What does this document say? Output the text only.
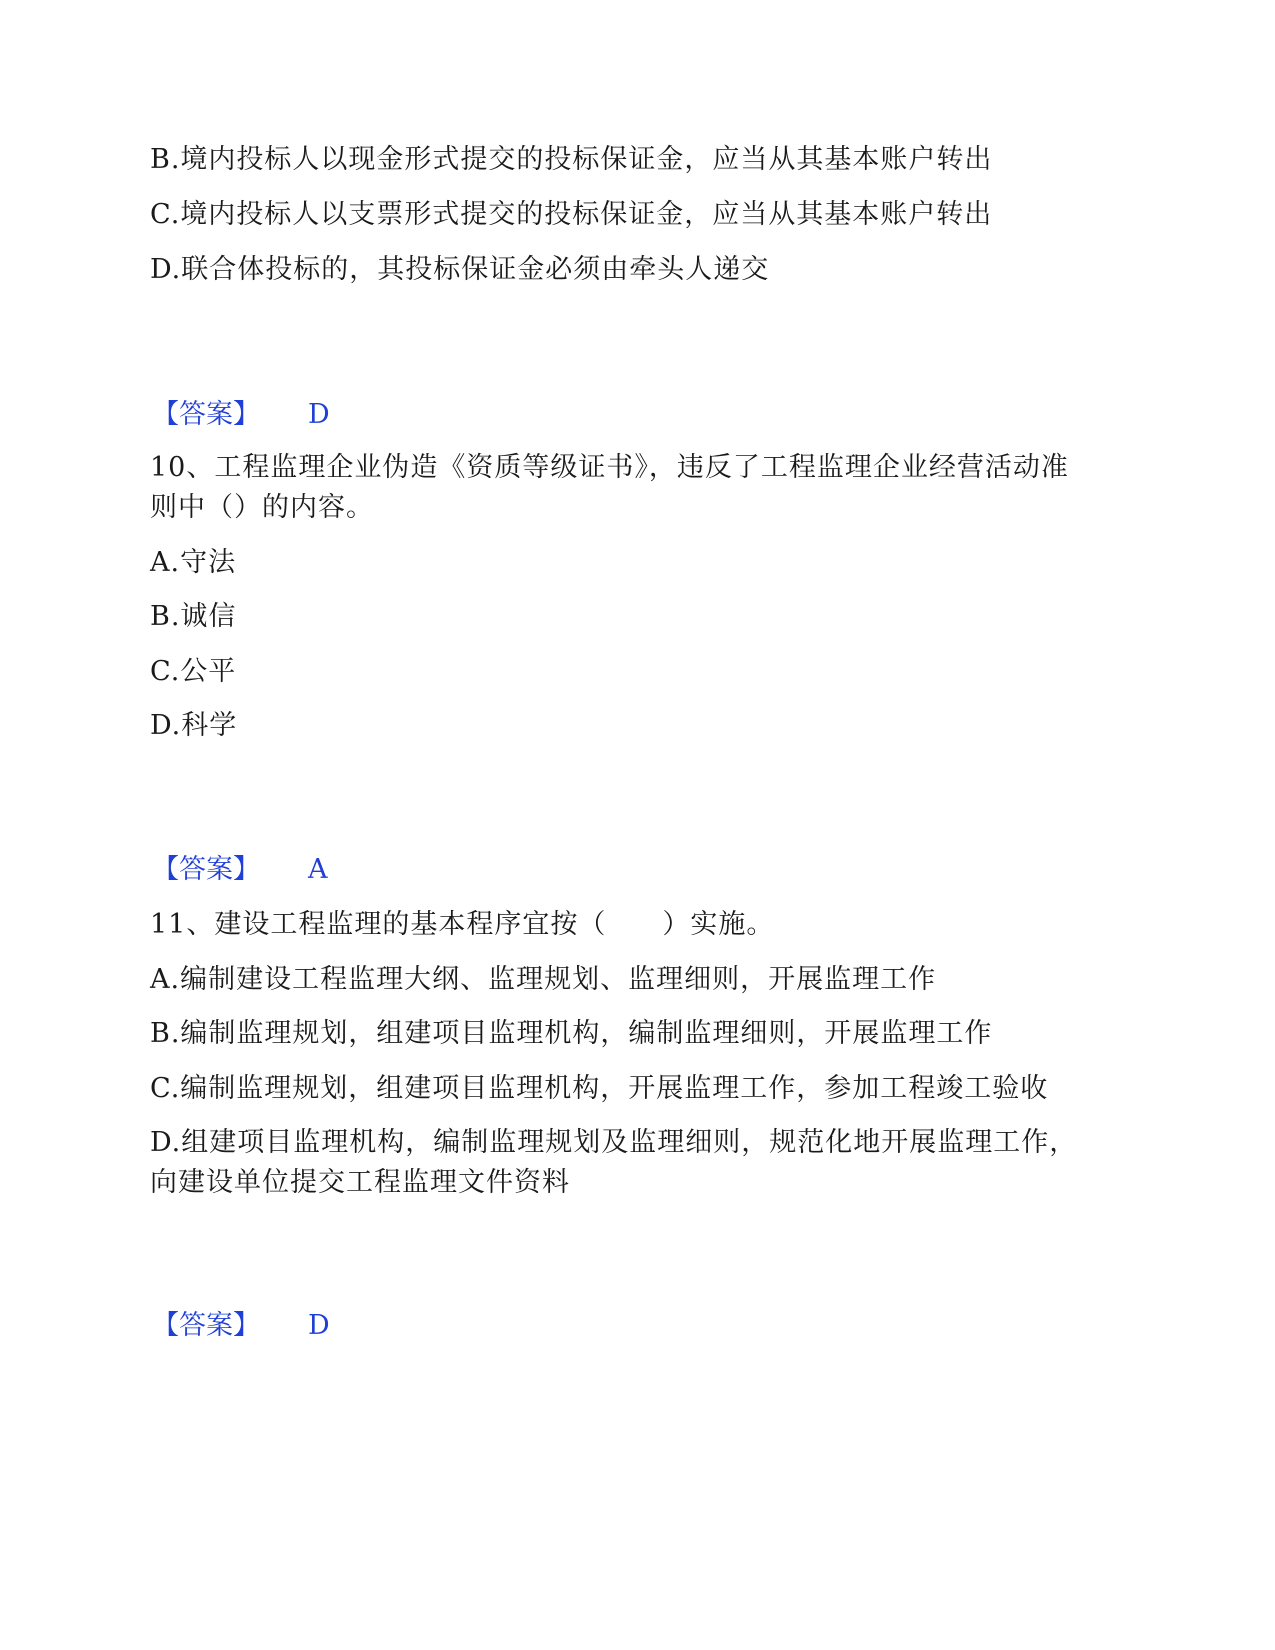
B.境内投标人以现金形式提交的投标保证金，应当从其基本账户转出
C.境内投标人以支票形式提交的投标保证金，应当从其基本账户转出
D.联合体投标的，其投标保证金必须由牵头人递交
【答案】 D
10、工程监理企业伪造《资质等级证书》，违反了工程监理企业经营活动准
则中（）的内容。
A.守法
B.诚信
C.公平
D.科学
【答案】 A
11、建设工程监理的基本程序宜按（　　）实施。
A.编制建设工程监理大纲、监理规划、监理细则，开展监理工作
B.编制监理规划，组建项目监理机构，编制监理细则，开展监理工作
C.编制监理规划，组建项目监理机构，开展监理工作，参加工程竣工验收
D.组建项目监理机构，编制监理规划及监理细则，规范化地开展监理工作，
向建设单位提交工程监理文件资料
【答案】 D
